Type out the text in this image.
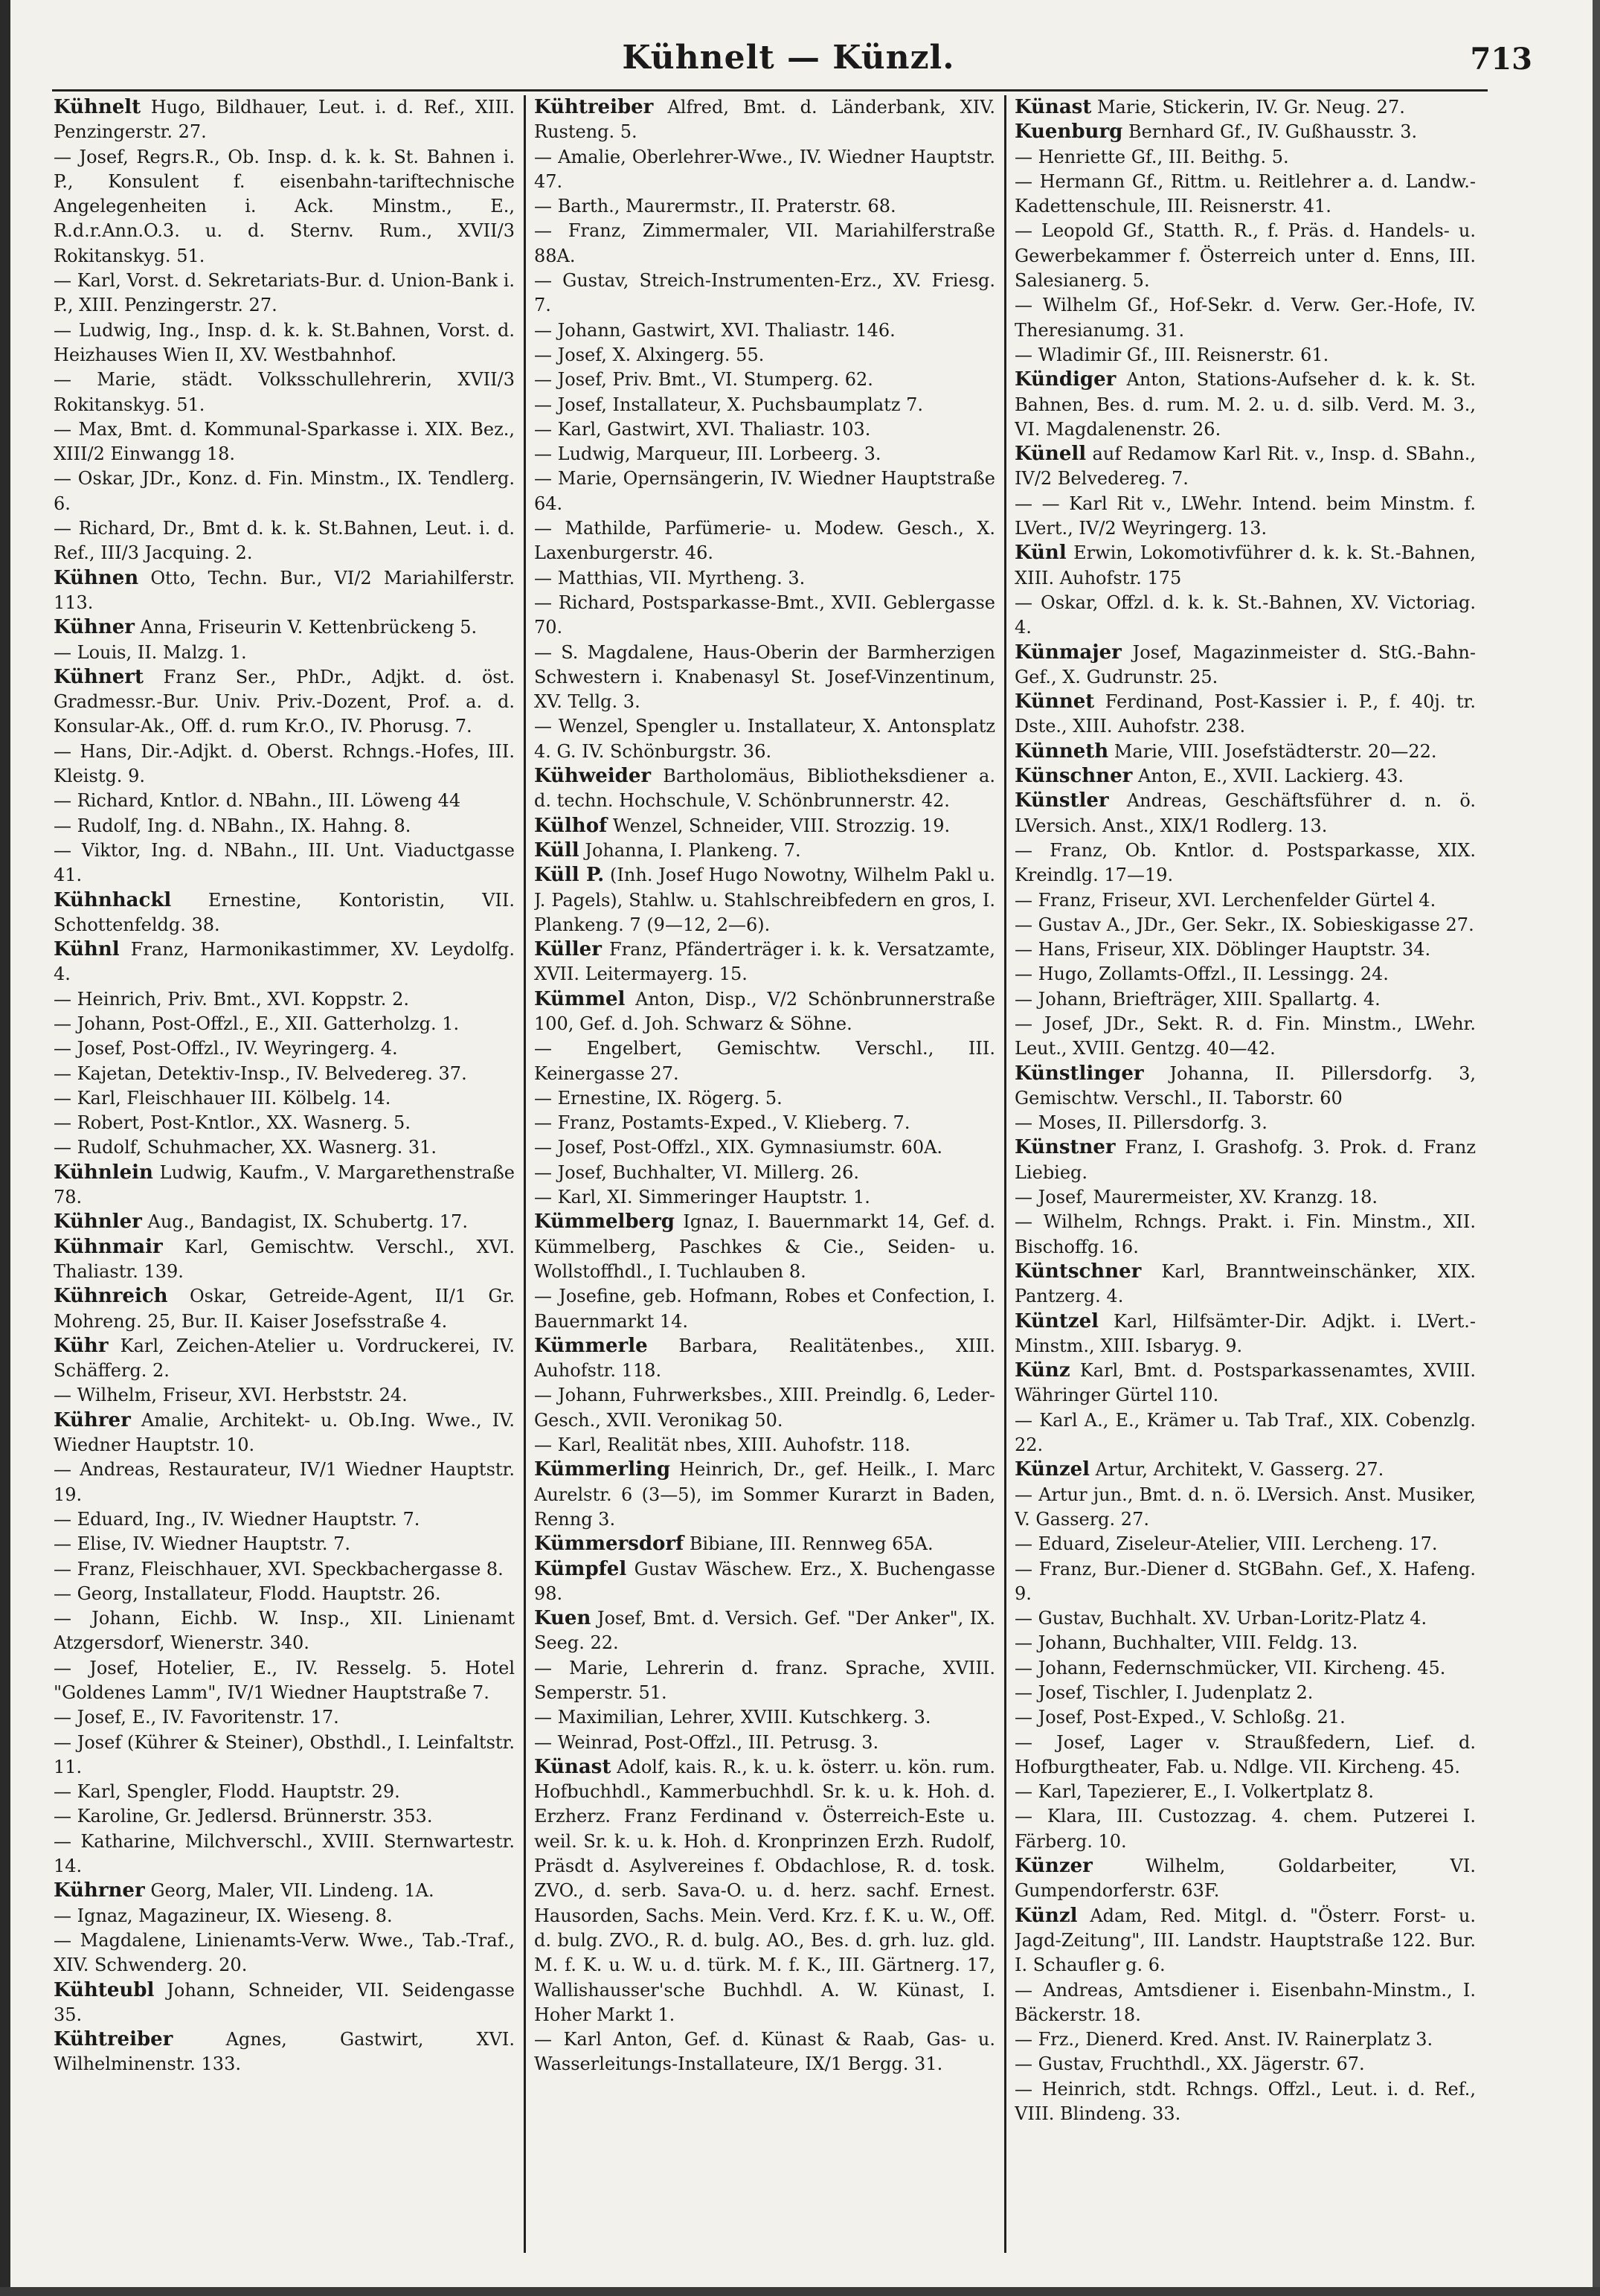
Kühnelt — Künzl.	713

Kühnelt Hugo, Bildhauer, Leut. i. d. Ref., XIII. Penzingerstr. 27.

— Josef, Regrs.R., Ob. Insp. d. k. k. St. Bahnen i. P., Konsulent f. eisenbahn-tariftechnische Angelegenheiten i. Ack. Minstm., E., R.d.r.Ann.O.3. u. d. Sternv. Rum., XVII/3 Rokitanskyg. 51.

— Karl, Vorst. d. Sekretariats-Bur. d. Union-Bank i. P., XIII. Penzingerstr. 27.

— Ludwig, Ing., Insp. d. k. k. St.Bahnen, Vorst. d. Heizhauses Wien II, XV. Westbahnhof.

— Marie, städt. Volksschullehrerin, XVII/3 Rokitanskyg. 51.

— Max, Bmt. d. Kommunal-Sparkasse i. XIX. Bez., XIII/2 Einwangg 18.

— Oskar, JDr., Konz. d. Fin. Minstm., IX. Tendlerg. 6.

— Richard, Dr., Bmt d. k. k. St.Bahnen, Leut. i. d. Ref., III/3 Jacquing. 2.

Kühnen Otto, Techn. Bur., VI/2 Mariahilferstr. 113.

Kühner Anna, Friseurin V. Kettenbrückeng 5.

— Louis, II. Malzg. 1.

Kühnert Franz Ser., PhDr., Adjkt. d. öst. Gradmessr.-Bur. Univ. Priv.-Dozent, Prof. a. d. Konsular-Ak., Off. d. rum Kr.O., IV. Phorusg. 7.

— Hans, Dir.-Adjkt. d. Oberst. Rchngs.-Hofes, III. Kleistg. 9.

— Richard, Kntlor. d. NBahn., III. Löweng 44

— Rudolf, Ing. d. NBahn., IX. Hahng. 8.

— Viktor, Ing. d. NBahn., III. Unt. Viaductgasse 41.

Kühnhackl Ernestine, Kontoristin, VII. Schottenfeldg. 38.

Kühnl Franz, Harmonikastimmer, XV. Leydolfg. 4.

— Heinrich, Priv. Bmt., XVI. Koppstr. 2.

— Johann, Post-Offzl., E., XII. Gatterholzg. 1.

— Josef, Post-Offzl., IV. Weyringerg. 4.

— Kajetan, Detektiv-Insp., IV. Belvedereg. 37.

— Karl, Fleischhauer III. Kölbelg. 14.

— Robert, Post-Kntlor., XX. Wasnerg. 5.

— Rudolf, Schuhmacher, XX. Wasnerg. 31.

Kühnlein Ludwig, Kaufm., V. Margarethenstraße 78.

Kühnler Aug., Bandagist, IX. Schubertg. 17.

Kühnmair Karl, Gemischtw. Verschl., XVI. Thaliastr. 139.

Kühnreich Oskar, Getreide-Agent, II/1 Gr. Mohreng. 25, Bur. II. Kaiser Josefsstraße 4.

Kühr Karl, Zeichen-Atelier u. Vordruckerei, IV. Schäfferg. 2.

— Wilhelm, Friseur, XVI. Herbststr. 24.

Kührer Amalie, Architekt- u. Ob.Ing. Wwe., IV. Wiedner Hauptstr. 10.

— Andreas, Restaurateur, IV/1 Wiedner Hauptstr. 19.

— Eduard, Ing., IV. Wiedner Hauptstr. 7.

— Elise, IV. Wiedner Hauptstr. 7.

— Franz, Fleischhauer, XVI. Speckbachergasse 8.

— Georg, Installateur, Flodd. Hauptstr. 26.

— Johann, Eichb. W. Insp., XII. Linienamt Atzgersdorf, Wienerstr. 340.

— Josef, Hotelier, E., IV. Resselg. 5. Hotel "Goldenes Lamm", IV/1 Wiedner Hauptstraße 7.

— Josef, E., IV. Favoritenstr. 17.

— Josef (Kührer & Steiner), Obsthdl., I. Leinfaltstr. 11.

— Karl, Spengler, Flodd. Hauptstr. 29.

— Karoline, Gr. Jedlersd. Brünnerstr. 353.

— Katharine, Milchverschl., XVIII. Sternwartestr. 14.

Kührner Georg, Maler, VII. Lindeng. 1A.

— Ignaz, Magazineur, IX. Wieseng. 8.

— Magdalene, Linienamts-Verw. Wwe., Tab.-Traf., XIV. Schwenderg. 20.

Kühteubl Johann, Schneider, VII. Seidengasse 35.

Kühtreiber Agnes, Gastwirt, XVI. Wilhelminenstr. 133.

Kühtreiber Alfred, Bmt. d. Länderbank, XIV. Rusteng. 5.

— Amalie, Oberlehrer-Wwe., IV. Wiedner Hauptstr. 47.

— Barth., Maurermstr., II. Praterstr. 68.

— Franz, Zimmermaler, VII. Mariahilferstraße 88A.

— Gustav, Streich-Instrumenten-Erz., XV. Friesg. 7.

— Johann, Gastwirt, XVI. Thaliastr. 146.

— Josef, X. Alxingerg. 55.

— Josef, Priv. Bmt., VI. Stumperg. 62.

— Josef, Installateur, X. Puchsbaumplatz 7.

— Karl, Gastwirt, XVI. Thaliastr. 103.

— Ludwig, Marqueur, III. Lorbeerg. 3.

— Marie, Opernsängerin, IV. Wiedner Hauptstraße 64.

— Mathilde, Parfümerie- u. Modew. Gesch., X. Laxenburgerstr. 46.

— Matthias, VII. Myrtheng. 3.

— Richard, Postsparkasse-Bmt., XVII. Geblergasse 70.

— S. Magdalene, Haus-Oberin der Barmherzigen Schwestern i. Knabenasyl St. Josef-Vinzentinum, XV. Tellg. 3.

— Wenzel, Spengler u. Installateur, X. Antonsplatz 4. G. IV. Schönburgstr. 36.

Kühweider Bartholomäus, Bibliotheksdiener a. d. techn. Hochschule, V. Schönbrunnerstr. 42.

Külhof Wenzel, Schneider, VIII. Strozzig. 19.

Küll Johanna, I. Plankeng. 7.

Küll P. (Inh. Josef Hugo Nowotny, Wilhelm Pakl u. J. Pagels), Stahlw. u. Stahlschreibfedern en gros, I. Plankeng. 7 (9—12, 2—6).

Küller Franz, Pfänderträger i. k. k. Versatzamte, XVII. Leitermayerg. 15.

Kümmel Anton, Disp., V/2 Schönbrunnerstraße 100, Gef. d. Joh. Schwarz & Söhne.

— Engelbert, Gemischtw. Verschl., III. Keinergasse 27.

— Ernestine, IX. Rögerg. 5.

— Franz, Postamts-Exped., V. Klieberg. 7.

— Josef, Post-Offzl., XIX. Gymnasiumstr. 60A.

— Josef, Buchhalter, VI. Millerg. 26.

— Karl, XI. Simmeringer Hauptstr. 1.

Kümmelberg Ignaz, I. Bauernmarkt 14, Gef. d. Kümmelberg, Paschkes & Cie., Seiden- u. Wollstoffhdl., I. Tuchlauben 8.

— Josefine, geb. Hofmann, Robes et Confection, I. Bauernmarkt 14.

Kümmerle Barbara, Realitätenbes., XIII. Auhofstr. 118.

— Johann, Fuhrwerksbes., XIII. Preindlg. 6, Leder-Gesch., XVII. Veronikag 50.

— Karl, Realität nbes, XIII. Auhofstr. 118.

Kümmerling Heinrich, Dr., gef. Heilk., I. Marc Aurelstr. 6 (3—5), im Sommer Kurarzt in Baden, Renng 3.

Kümmersdorf Bibiane, III. Rennweg 65A.

Kümpfel Gustav Wäschew. Erz., X. Buchengasse 98.

Kuen Josef, Bmt. d. Versich. Gef. "Der Anker", IX. Seeg. 22.

— Marie, Lehrerin d. franz. Sprache, XVIII. Semperstr. 51.

— Maximilian, Lehrer, XVIII. Kutschkerg. 3.

— Weinrad, Post-Offzl., III. Petrusg. 3.

Künast Adolf, kais. R., k. u. k. österr. u. kön. rum. Hofbuchhdl., Kammerbuchhdl. Sr. k. u. k. Hoh. d. Erzherz. Franz Ferdinand v. Österreich-Este u. weil. Sr. k. u. k. Hoh. d. Kronprinzen Erzh. Rudolf, Präsdt d. Asylvereines f. Obdachlose, R. d. tosk. ZVO., d. serb. Sava-O. u. d. herz. sachf. Ernest. Hausorden, Sachs. Mein. Verd. Krz. f. K. u. W., Off. d. bulg. ZVO., R. d. bulg. AO., Bes. d. grh. luz. gld. M. f. K. u. W. u. d. türk. M. f. K., III. Gärtnerg. 17, Wallishausser'sche Buchhdl. A. W. Künast, I. Hoher Markt 1.

— Karl Anton, Gef. d. Künast & Raab, Gas- u. Wasserleitungs-Installateure, IX/1 Bergg. 31.

Künast Marie, Stickerin, IV. Gr. Neug. 27.

Kuenburg Bernhard Gf., IV. Gußhausstr. 3.

— Henriette Gf., III. Beithg. 5.

— Hermann Gf., Rittm. u. Reitlehrer a. d. Landw.-Kadettenschule, III. Reisnerstr. 41.

— Leopold Gf., Statth. R., f. Präs. d. Handels- u. Gewerbekammer f. Österreich unter d. Enns, III. Salesianerg. 5.

— Wilhelm Gf., Hof-Sekr. d. Verw. Ger.-Hofe, IV. Theresianumg. 31.

— Wladimir Gf., III. Reisnerstr. 61.

Kündiger Anton, Stations-Aufseher d. k. k. St. Bahnen, Bes. d. rum. M. 2. u. d. silb. Verd. M. 3., VI. Magdalenenstr. 26.

Künell auf Redamow Karl Rit. v., Insp. d. SBahn., IV/2 Belvedereg. 7.

— — Karl Rit v., LWehr. Intend. beim Minstm. f. LVert., IV/2 Weyringerg. 13.

Künl Erwin, Lokomotivführer d. k. k. St.-Bahnen, XIII. Auhofstr. 175

— Oskar, Offzl. d. k. k. St.-Bahnen, XV. Victoriag. 4.

Künmajer Josef, Magazinmeister d. StG.-Bahn-Gef., X. Gudrunstr. 25.

Künnet Ferdinand, Post-Kassier i. P., f. 40j. tr. Dste., XIII. Auhofstr. 238.

Künneth Marie, VIII. Josefstädterstr. 20—22.

Künschner Anton, E., XVII. Lackierg. 43.

Künstler Andreas, Geschäftsführer d. n. ö. LVersich. Anst., XIX/1 Rodlerg. 13.

— Franz, Ob. Kntlor. d. Postsparkasse, XIX. Kreindlg. 17—19.

— Franz, Friseur, XVI. Lerchenfelder Gürtel 4.

— Gustav A., JDr., Ger. Sekr., IX. Sobieskigasse 27.

— Hans, Friseur, XIX. Döblinger Hauptstr. 34.

— Hugo, Zollamts-Offzl., II. Lessingg. 24.

— Johann, Briefträger, XIII. Spallartg. 4.

— Josef, JDr., Sekt. R. d. Fin. Minstm., LWehr. Leut., XVIII. Gentzg. 40—42.

Künstlinger Johanna, II. Pillersdorfg. 3, Gemischtw. Verschl., II. Taborstr. 60

— Moses, II. Pillersdorfg. 3.

Künstner Franz, I. Grashofg. 3. Prok. d. Franz Liebieg.

— Josef, Maurermeister, XV. Kranzg. 18.

— Wilhelm, Rchngs. Prakt. i. Fin. Minstm., XII. Bischoffg. 16.

Küntschner Karl, Branntweinschänker, XIX. Pantzerg. 4.

Küntzel Karl, Hilfsämter-Dir. Adjkt. i. LVert.-Minstm., XIII. Isbaryg. 9.

Künz Karl, Bmt. d. Postsparkassenamtes, XVIII. Währinger Gürtel 110.

— Karl A., E., Krämer u. Tab Traf., XIX. Cobenzlg. 22.

Künzel Artur, Architekt, V. Gasserg. 27.

— Artur jun., Bmt. d. n. ö. LVersich. Anst. Musiker, V. Gasserg. 27.

— Eduard, Ziseleur-Atelier, VIII. Lercheng. 17.

— Franz, Bur.-Diener d. StGBahn. Gef., X. Hafeng. 9.

— Gustav, Buchhalt. XV. Urban-Loritz-Platz 4.

— Johann, Buchhalter, VIII. Feldg. 13.

— Johann, Federnschmücker, VII. Kircheng. 45.

— Josef, Tischler, I. Judenplatz 2.

— Josef, Post-Exped., V. Schloßg. 21.

— Josef, Lager v. Straußfedern, Lief. d. Hofburgtheater, Fab. u. Ndlge. VII. Kircheng. 45.

— Karl, Tapezierer, E., I. Volkertplatz 8.

— Klara, III. Custozzag. 4. chem. Putzerei I. Färberg. 10.

Künzer Wilhelm, Goldarbeiter, VI. Gumpendorferstr. 63F.

Künzl Adam, Red. Mitgl. d. "Österr. Forst- u. Jagd-Zeitung", III. Landstr. Hauptstraße 122. Bur. I. Schaufler g. 6.

— Andreas, Amtsdiener i. Eisenbahn-Minstm., I. Bäckerstr. 18.

— Frz., Dienerd. Kred. Anst. IV. Rainerplatz 3.

— Gustav, Fruchthdl., XX. Jägerstr. 67.

— Heinrich, stdt. Rchngs. Offzl., Leut. i. d. Ref., VIII. Blindeng. 33.
